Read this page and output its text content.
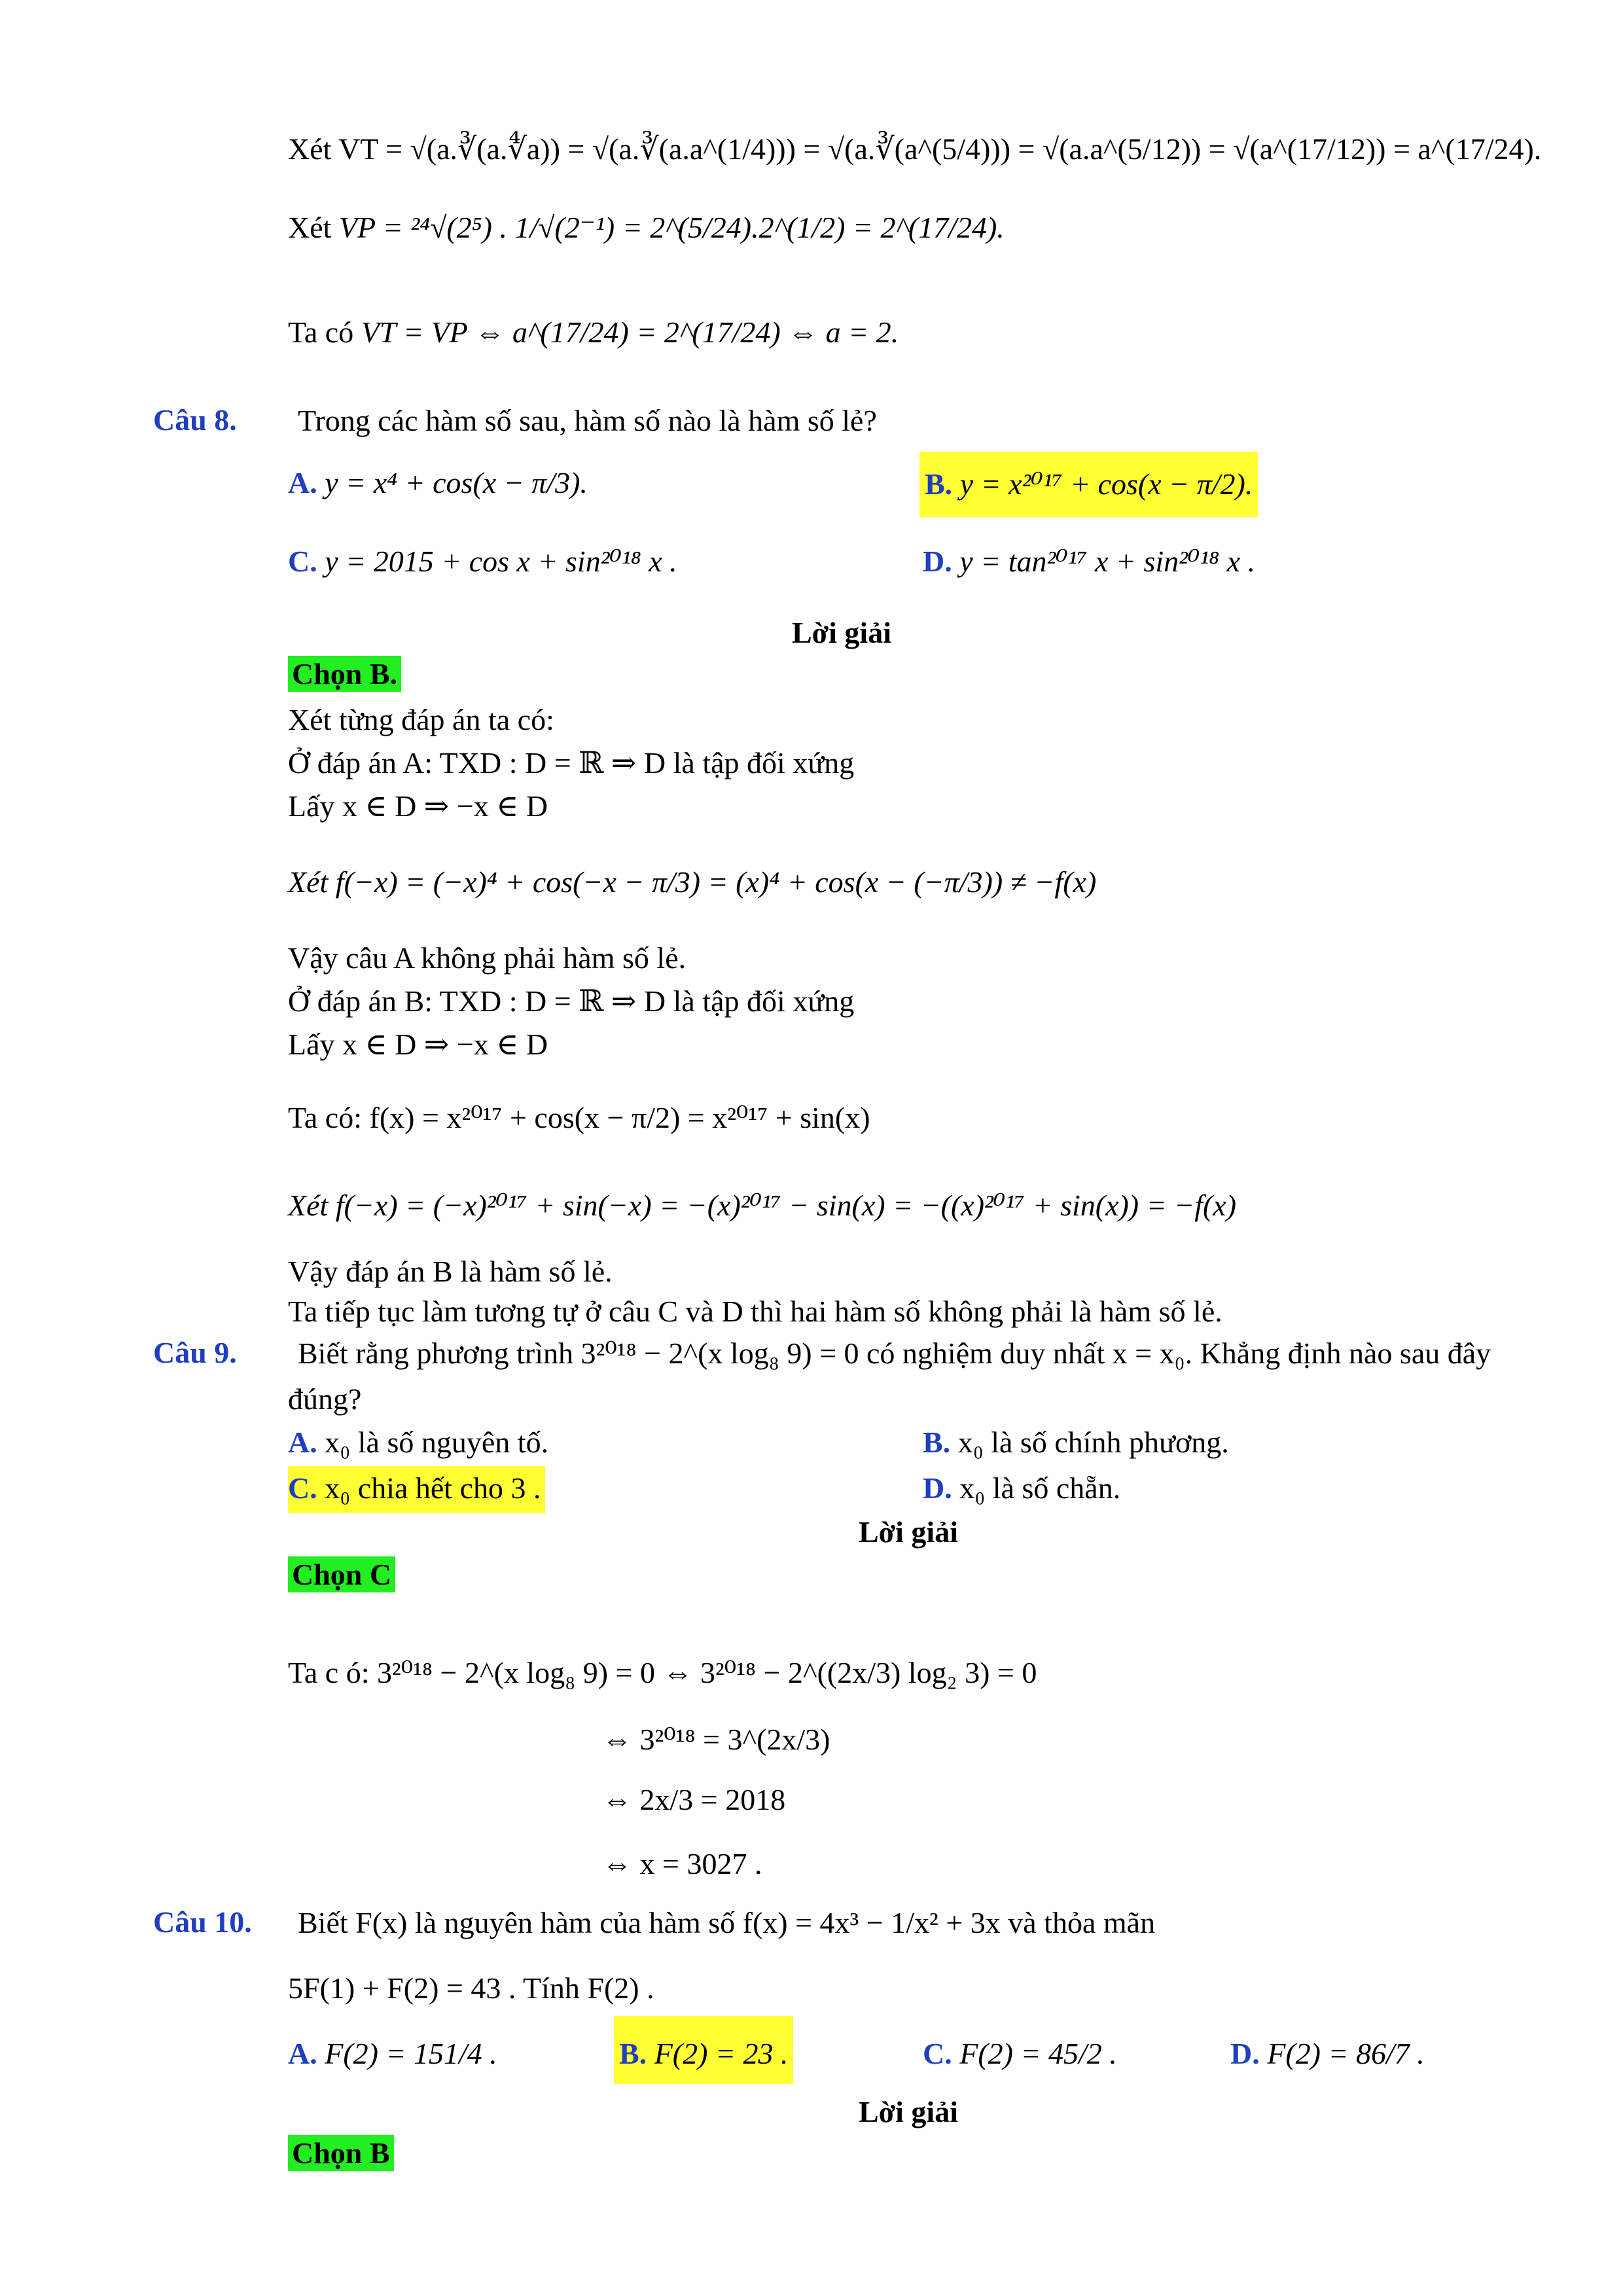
Xét VT = √(a.∛(a.∜a)) = √(a.∛(a.a^(1/4))) = √(a.∛(a^(5/4))) = √(a.a^(5/12)) = √(a^(17/12)) = a^(17/24).
Xét VP = ²⁴√(2⁵) . 1/√(2⁻¹) = 2^(5/24).2^(1/2) = 2^(17/24).
Ta có VT = VP ⇔ a^(17/24) = 2^(17/24) ⇔ a = 2.
Câu 8. Trong các hàm số sau, hàm số nào là hàm số lẻ?
A. y = x⁴ + cos(x − π/3).	B. y = x²⁰¹⁷ + cos(x − π/2).
C. y = 2015 + cos x + sin²⁰¹⁸ x .	D. y = tan²⁰¹⁷ x + sin²⁰¹⁸ x .
Lời giải
Chọn B.
Xét từng đáp án ta có:
Ở đáp án A: TXD : D = ℝ ⇒ D là tập đối xứng
Lấy x ∈ D ⇒ −x ∈ D
Xét f(−x) = (−x)⁴ + cos(−x − π/3) = (x)⁴ + cos(x − (−π/3)) ≠ −f(x)
Vậy câu A không phải hàm số lẻ.
Ở đáp án B: TXD : D = ℝ ⇒ D là tập đối xứng
Lấy x ∈ D ⇒ −x ∈ D
Ta có: f(x) = x²⁰¹⁷ + cos(x − π/2) = x²⁰¹⁷ + sin(x)
Xét f(−x) = (−x)²⁰¹⁷ + sin(−x) = −(x)²⁰¹⁷ − sin(x) = −((x)²⁰¹⁷ + sin(x)) = −f(x)
Vậy đáp án B là hàm số lẻ.
Ta tiếp tục làm tương tự ở câu C và D thì hai hàm số không phải là hàm số lẻ.
Câu 9. Biết rằng phương trình 3²⁰¹⁸ − 2^(x log₈ 9) = 0 có nghiệm duy nhất x = x₀. Khẳng định nào sau đây
đúng?
A. x₀ là số nguyên tố.	B. x₀ là số chính phương.
C. x₀ chia hết cho 3 .	D. x₀ là số chẵn.
Lời giải
Chọn C
Ta c ó: 3²⁰¹⁸ − 2^(x log₈ 9) = 0 ⇔ 3²⁰¹⁸ − 2^((2x/3) log₂ 3) = 0
⇔ 3²⁰¹⁸ = 3^(2x/3)
⇔ 2x/3 = 2018
⇔ x = 3027 .
Câu 10. Biết F(x) là nguyên hàm của hàm số f(x) = 4x³ − 1/x² + 3x và thỏa mãn
5F(1) + F(2) = 43 . Tính F(2) .
A. F(2) = 151/4 .	B. F(2) = 23 .	C. F(2) = 45/2 .	D. F(2) = 86/7 .
Lời giải
Chọn B
